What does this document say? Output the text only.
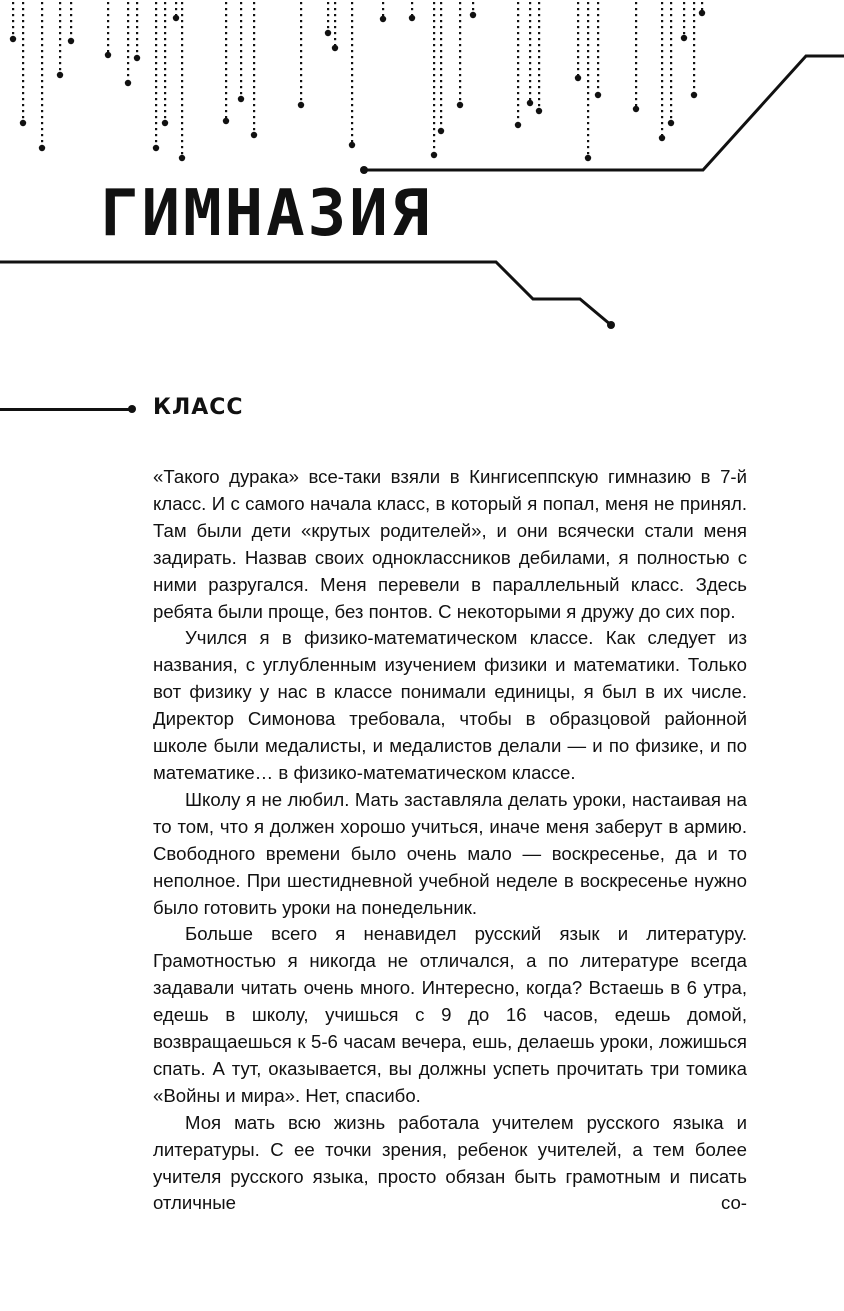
ГИМНАЗИЯ
КЛАСС

«Такого дурака» все-таки взяли в Кингисеппскую гимназию в 7-й класс. И с самого начала класс, в который я попал, меня не принял. Там были дети «крутых родителей», и они всячески стали меня задирать. Назвав своих одноклассников дебилами, я полностью с ними разругался. Меня перевели в параллельный класс. Здесь ребята были проще, без понтов. С некоторыми я дружу до сих пор.

Учился я в физико-математическом классе. Как следует из названия, с углубленным изучением физики и математики. Только вот физику у нас в классе понимали единицы, я был в их числе. Директор Симонова требовала, чтобы в образцовой районной школе были медалисты, и медалистов делали — и по физике, и по математике… в физико-математическом классе.

Школу я не любил. Мать заставляла делать уроки, настаивая на то том, что я должен хорошо учиться, иначе меня заберут в армию. Свободного времени было очень мало — воскресенье, да и то неполное. При шестидневной учебной неделе в воскресенье нужно было готовить уроки на понедельник.

Больше всего я ненавидел русский язык и литературу. Грамотностью я никогда не отличался, а по литературе всегда задавали читать очень много. Интересно, когда? Встаешь в 6 утра, едешь в школу, учишься с 9 до 16 часов, едешь домой, возвращаешься к 5-6 часам вечера, ешь, делаешь уроки, ложишься спать. А тут, оказывается, вы должны успеть прочитать три томика «Войны и мира». Нет, спасибо.

Моя мать всю жизнь работала учителем русского языка и литературы. С ее точки зрения, ребенок учителей, а тем более учителя русского языка, просто обязан быть грамотным и писать отличные со-
